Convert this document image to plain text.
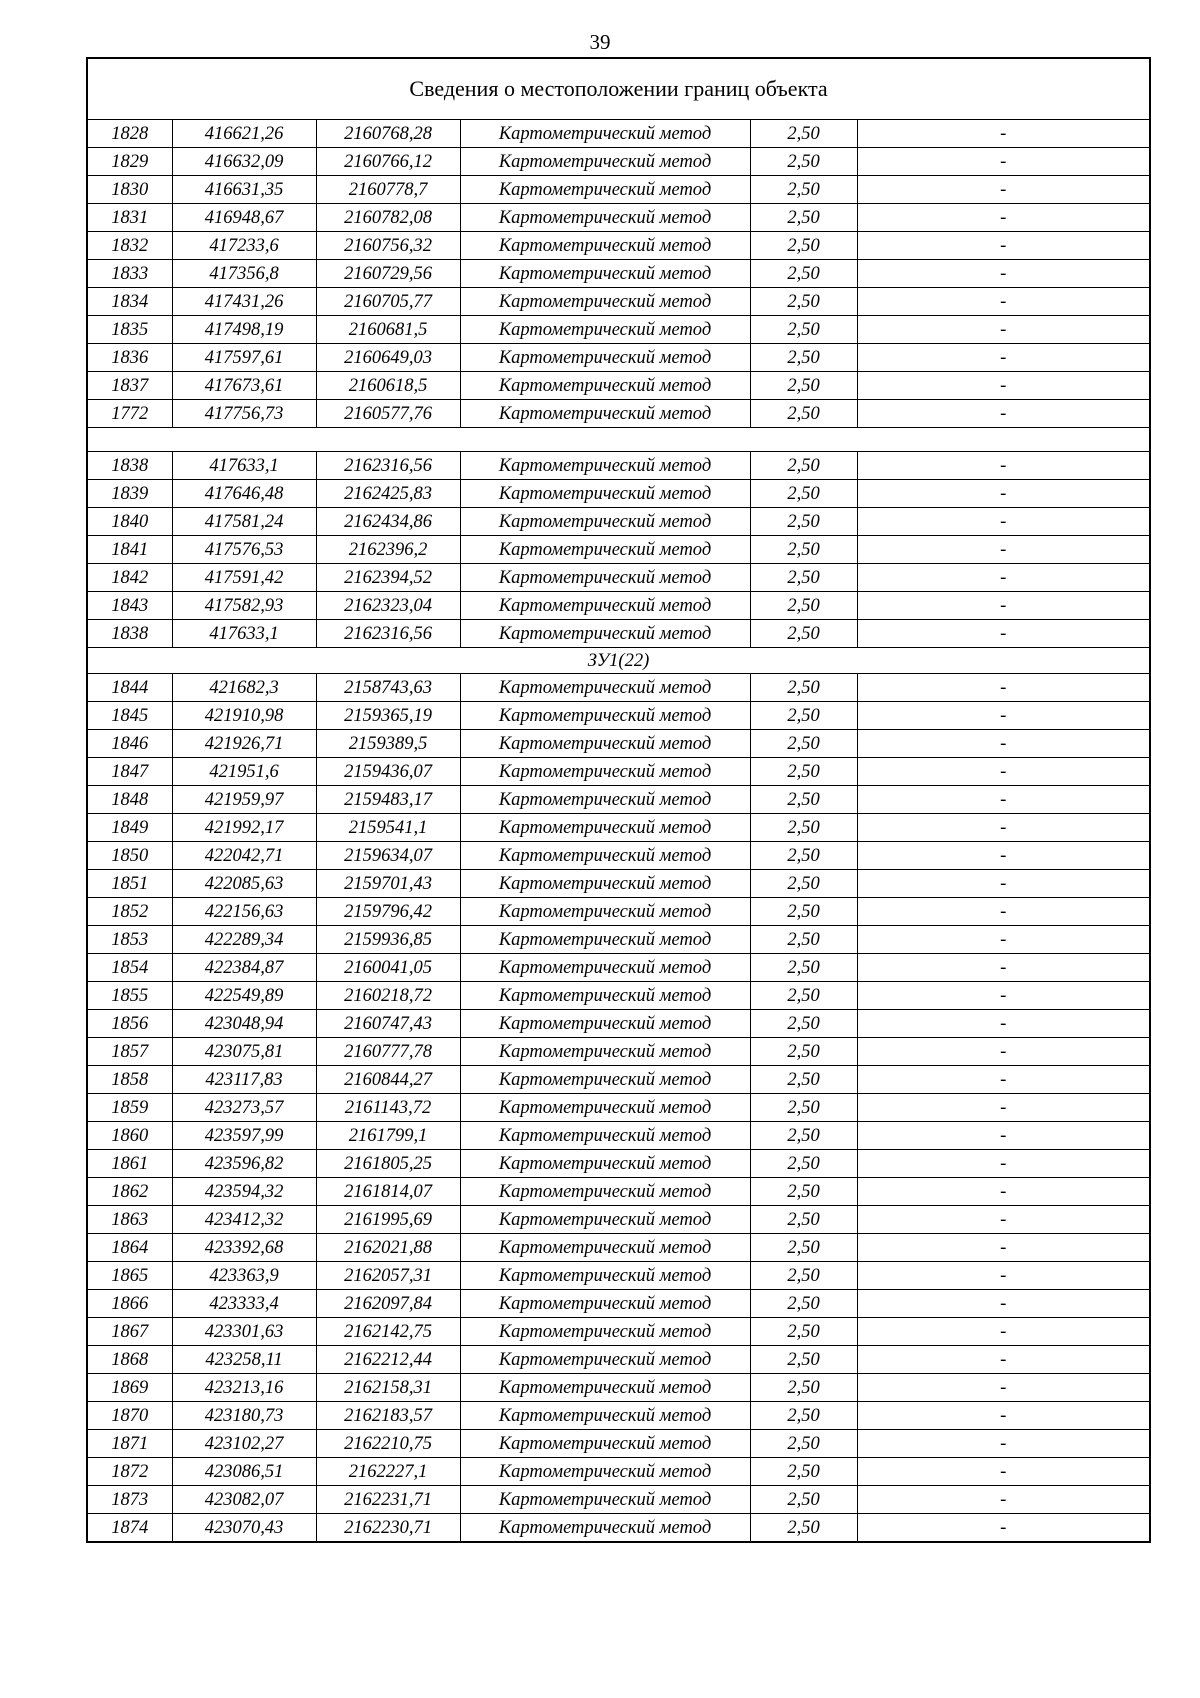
39
Сведения о местоположении границ объекта					
1828	416621,26	2160768,28	Картометрический метод	2,50	-
1829	416632,09	2160766,12	Картометрический метод	2,50	-
1830	416631,35	2160778,7	Картометрический метод	2,50	-
1831	416948,67	2160782,08	Картометрический метод	2,50	-
1832	417233,6	2160756,32	Картометрический метод	2,50	-
1833	417356,8	2160729,56	Картометрический метод	2,50	-
1834	417431,26	2160705,77	Картометрический метод	2,50	-
1835	417498,19	2160681,5	Картометрический метод	2,50	-
1836	417597,61	2160649,03	Картометрический метод	2,50	-
1837	417673,61	2160618,5	Картометрический метод	2,50	-
1772	417756,73	2160577,76	Картометрический метод	2,50	-

1838	417633,1	2162316,56	Картометрический метод	2,50	-
1839	417646,48	2162425,83	Картометрический метод	2,50	-
1840	417581,24	2162434,86	Картометрический метод	2,50	-
1841	417576,53	2162396,2	Картометрический метод	2,50	-
1842	417591,42	2162394,52	Картометрический метод	2,50	-
1843	417582,93	2162323,04	Картометрический метод	2,50	-
1838	417633,1	2162316,56	Картометрический метод	2,50	-
ЗУ1(22)					
1844	421682,3	2158743,63	Картометрический метод	2,50	-
1845	421910,98	2159365,19	Картометрический метод	2,50	-
1846	421926,71	2159389,5	Картометрический метод	2,50	-
1847	421951,6	2159436,07	Картометрический метод	2,50	-
1848	421959,97	2159483,17	Картометрический метод	2,50	-
1849	421992,17	2159541,1	Картометрический метод	2,50	-
1850	422042,71	2159634,07	Картометрический метод	2,50	-
1851	422085,63	2159701,43	Картометрический метод	2,50	-
1852	422156,63	2159796,42	Картометрический метод	2,50	-
1853	422289,34	2159936,85	Картометрический метод	2,50	-
1854	422384,87	2160041,05	Картометрический метод	2,50	-
1855	422549,89	2160218,72	Картометрический метод	2,50	-
1856	423048,94	2160747,43	Картометрический метод	2,50	-
1857	423075,81	2160777,78	Картометрический метод	2,50	-
1858	423117,83	2160844,27	Картометрический метод	2,50	-
1859	423273,57	2161143,72	Картометрический метод	2,50	-
1860	423597,99	2161799,1	Картометрический метод	2,50	-
1861	423596,82	2161805,25	Картометрический метод	2,50	-
1862	423594,32	2161814,07	Картометрический метод	2,50	-
1863	423412,32	2161995,69	Картометрический метод	2,50	-
1864	423392,68	2162021,88	Картометрический метод	2,50	-
1865	423363,9	2162057,31	Картометрический метод	2,50	-
1866	423333,4	2162097,84	Картометрический метод	2,50	-
1867	423301,63	2162142,75	Картометрический метод	2,50	-
1868	423258,11	2162212,44	Картометрический метод	2,50	-
1869	423213,16	2162158,31	Картометрический метод	2,50	-
1870	423180,73	2162183,57	Картометрический метод	2,50	-
1871	423102,27	2162210,75	Картометрический метод	2,50	-
1872	423086,51	2162227,1	Картометрический метод	2,50	-
1873	423082,07	2162231,71	Картометрический метод	2,50	-
1874	423070,43	2162230,71	Картометрический метод	2,50	-
